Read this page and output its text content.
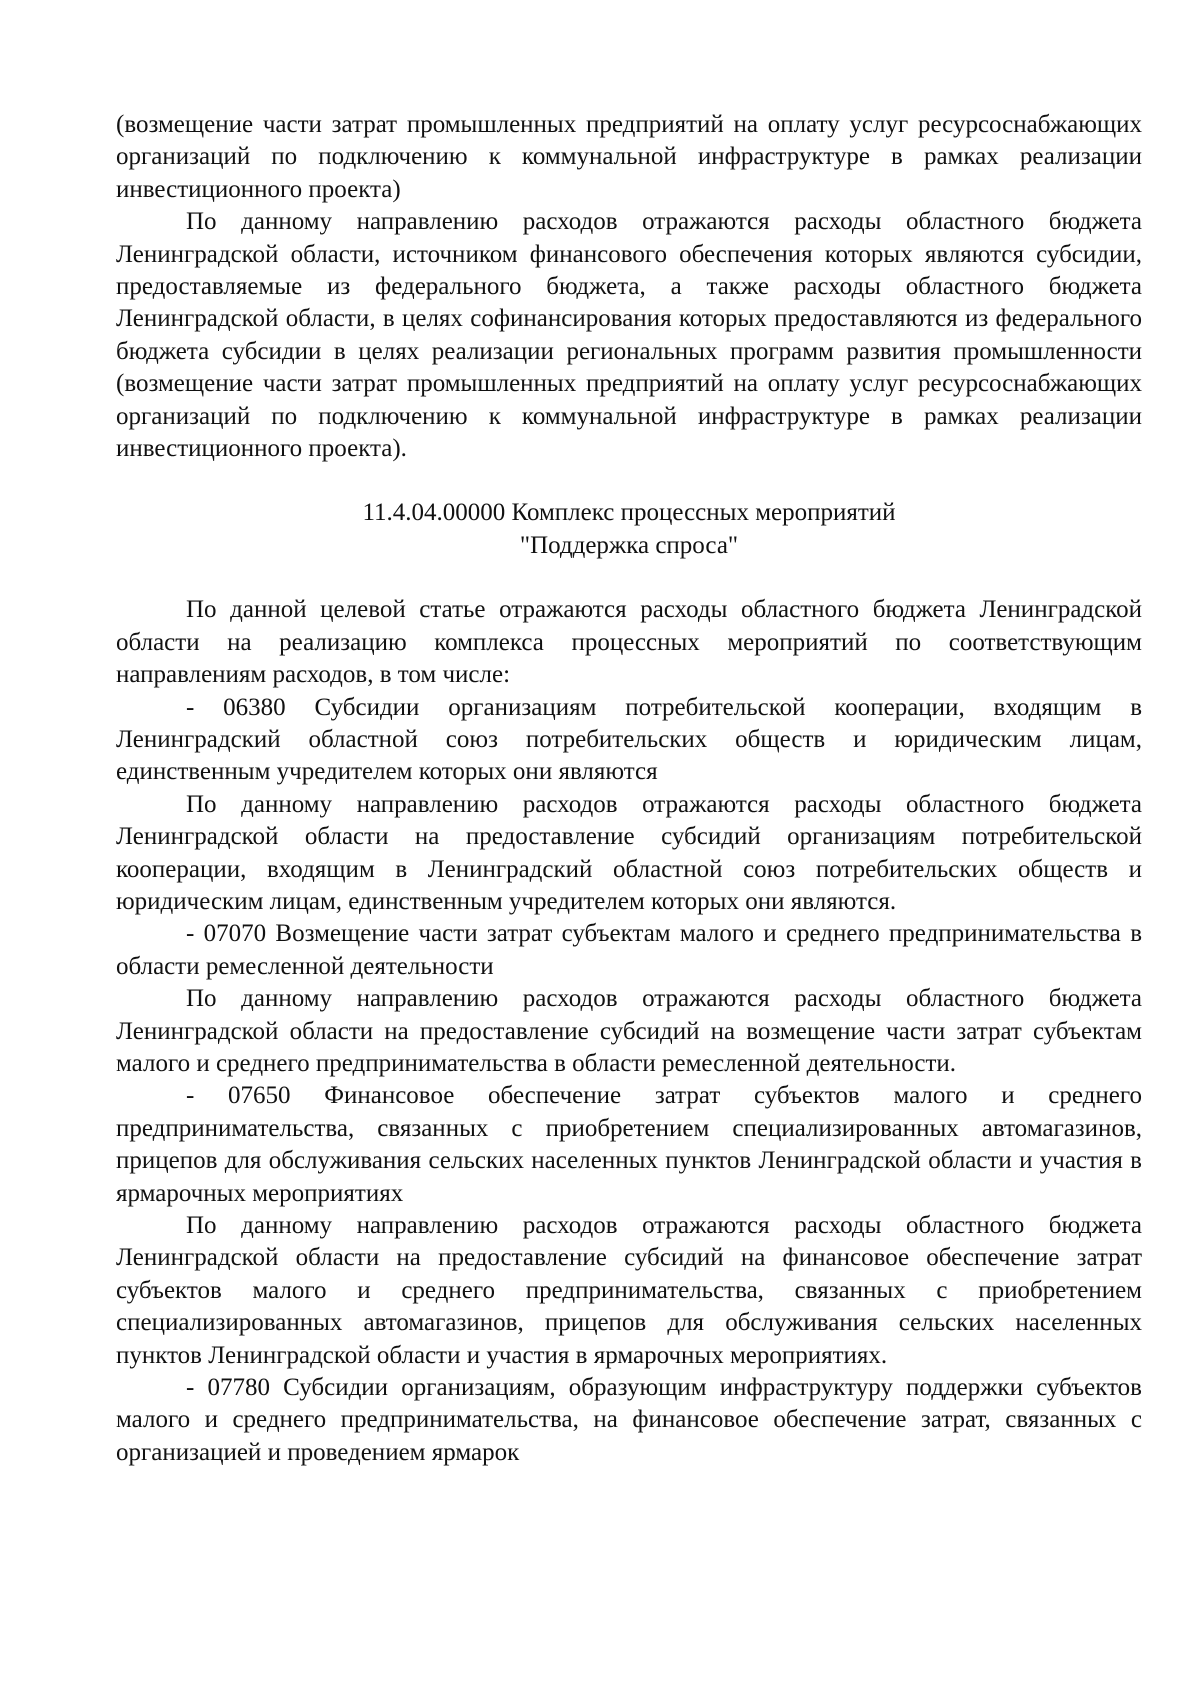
(возмещение части затрат промышленных предприятий на оплату услуг ресурсоснабжающих организаций по подключению к коммунальной инфраструктуре в рамках реализации инвестиционного проекта)

По данному направлению расходов отражаются расходы областного бюджета Ленинградской области, источником финансового обеспечения которых являются субсидии, предоставляемые из федерального бюджета, а также расходы областного бюджета Ленинградской области, в целях софинансирования которых предоставляются из федерального бюджета субсидии в целях реализации региональных программ развития промышленности (возмещение части затрат промышленных предприятий на оплату услуг ресурсоснабжающих организаций по подключению к коммунальной инфраструктуре в рамках реализации инвестиционного проекта).

11.4.04.00000 Комплекс процессных мероприятий
"Поддержка спроса"

По данной целевой статье отражаются расходы областного бюджета Ленинградской области на реализацию комплекса процессных мероприятий по соответствующим направлениям расходов, в том числе:

- 06380 Субсидии организациям потребительской кооперации, входящим в Ленинградский областной союз потребительских обществ и юридическим лицам, единственным учредителем которых они являются

По данному направлению расходов отражаются расходы областного бюджета Ленинградской области на предоставление субсидий организациям потребительской кооперации, входящим в Ленинградский областной союз потребительских обществ и юридическим лицам, единственным учредителем которых они являются.

- 07070 Возмещение части затрат субъектам малого и среднего предпринимательства в области ремесленной деятельности

По данному направлению расходов отражаются расходы областного бюджета Ленинградской области на предоставление субсидий на возмещение части затрат субъектам малого и среднего предпринимательства в области ремесленной деятельности.

- 07650 Финансовое обеспечение затрат субъектов малого и среднего предпринимательства, связанных с приобретением специализированных автомагазинов, прицепов для обслуживания сельских населенных пунктов Ленинградской области и участия в ярмарочных мероприятиях

По данному направлению расходов отражаются расходы областного бюджета Ленинградской области на предоставление субсидий на финансовое обеспечение затрат субъектов малого и среднего предпринимательства, связанных с приобретением специализированных автомагазинов, прицепов для обслуживания сельских населенных пунктов Ленинградской области и участия в ярмарочных мероприятиях.

- 07780 Субсидии организациям, образующим инфраструктуру поддержки субъектов малого и среднего предпринимательства, на финансовое обеспечение затрат, связанных с организацией и проведением ярмарок
